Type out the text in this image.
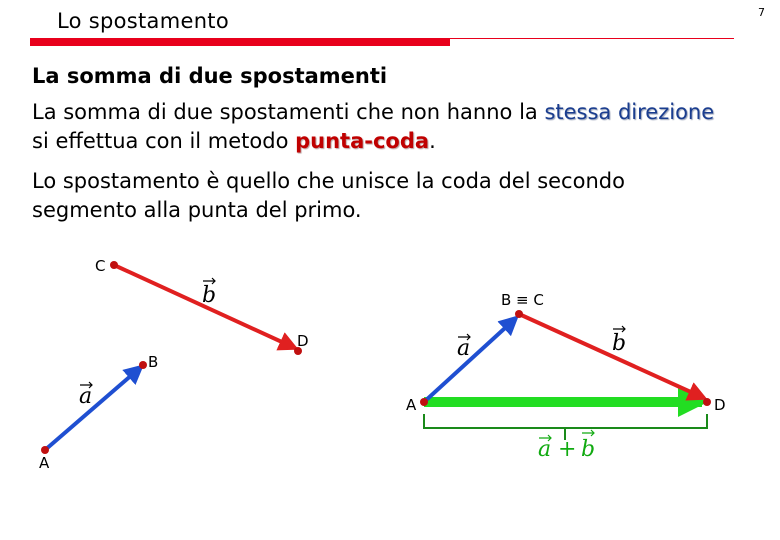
7
Lo spostamento
La somma di due spostamenti
La somma di due spostamenti che non hanno la stessa direzione si effettua con il metodo punta-coda.
Lo spostamento è quello che unisce la coda del secondo segmento alla punta del primo.
C
D
B
A
b
a
B ≡ C
A	D
a	b
a + b
